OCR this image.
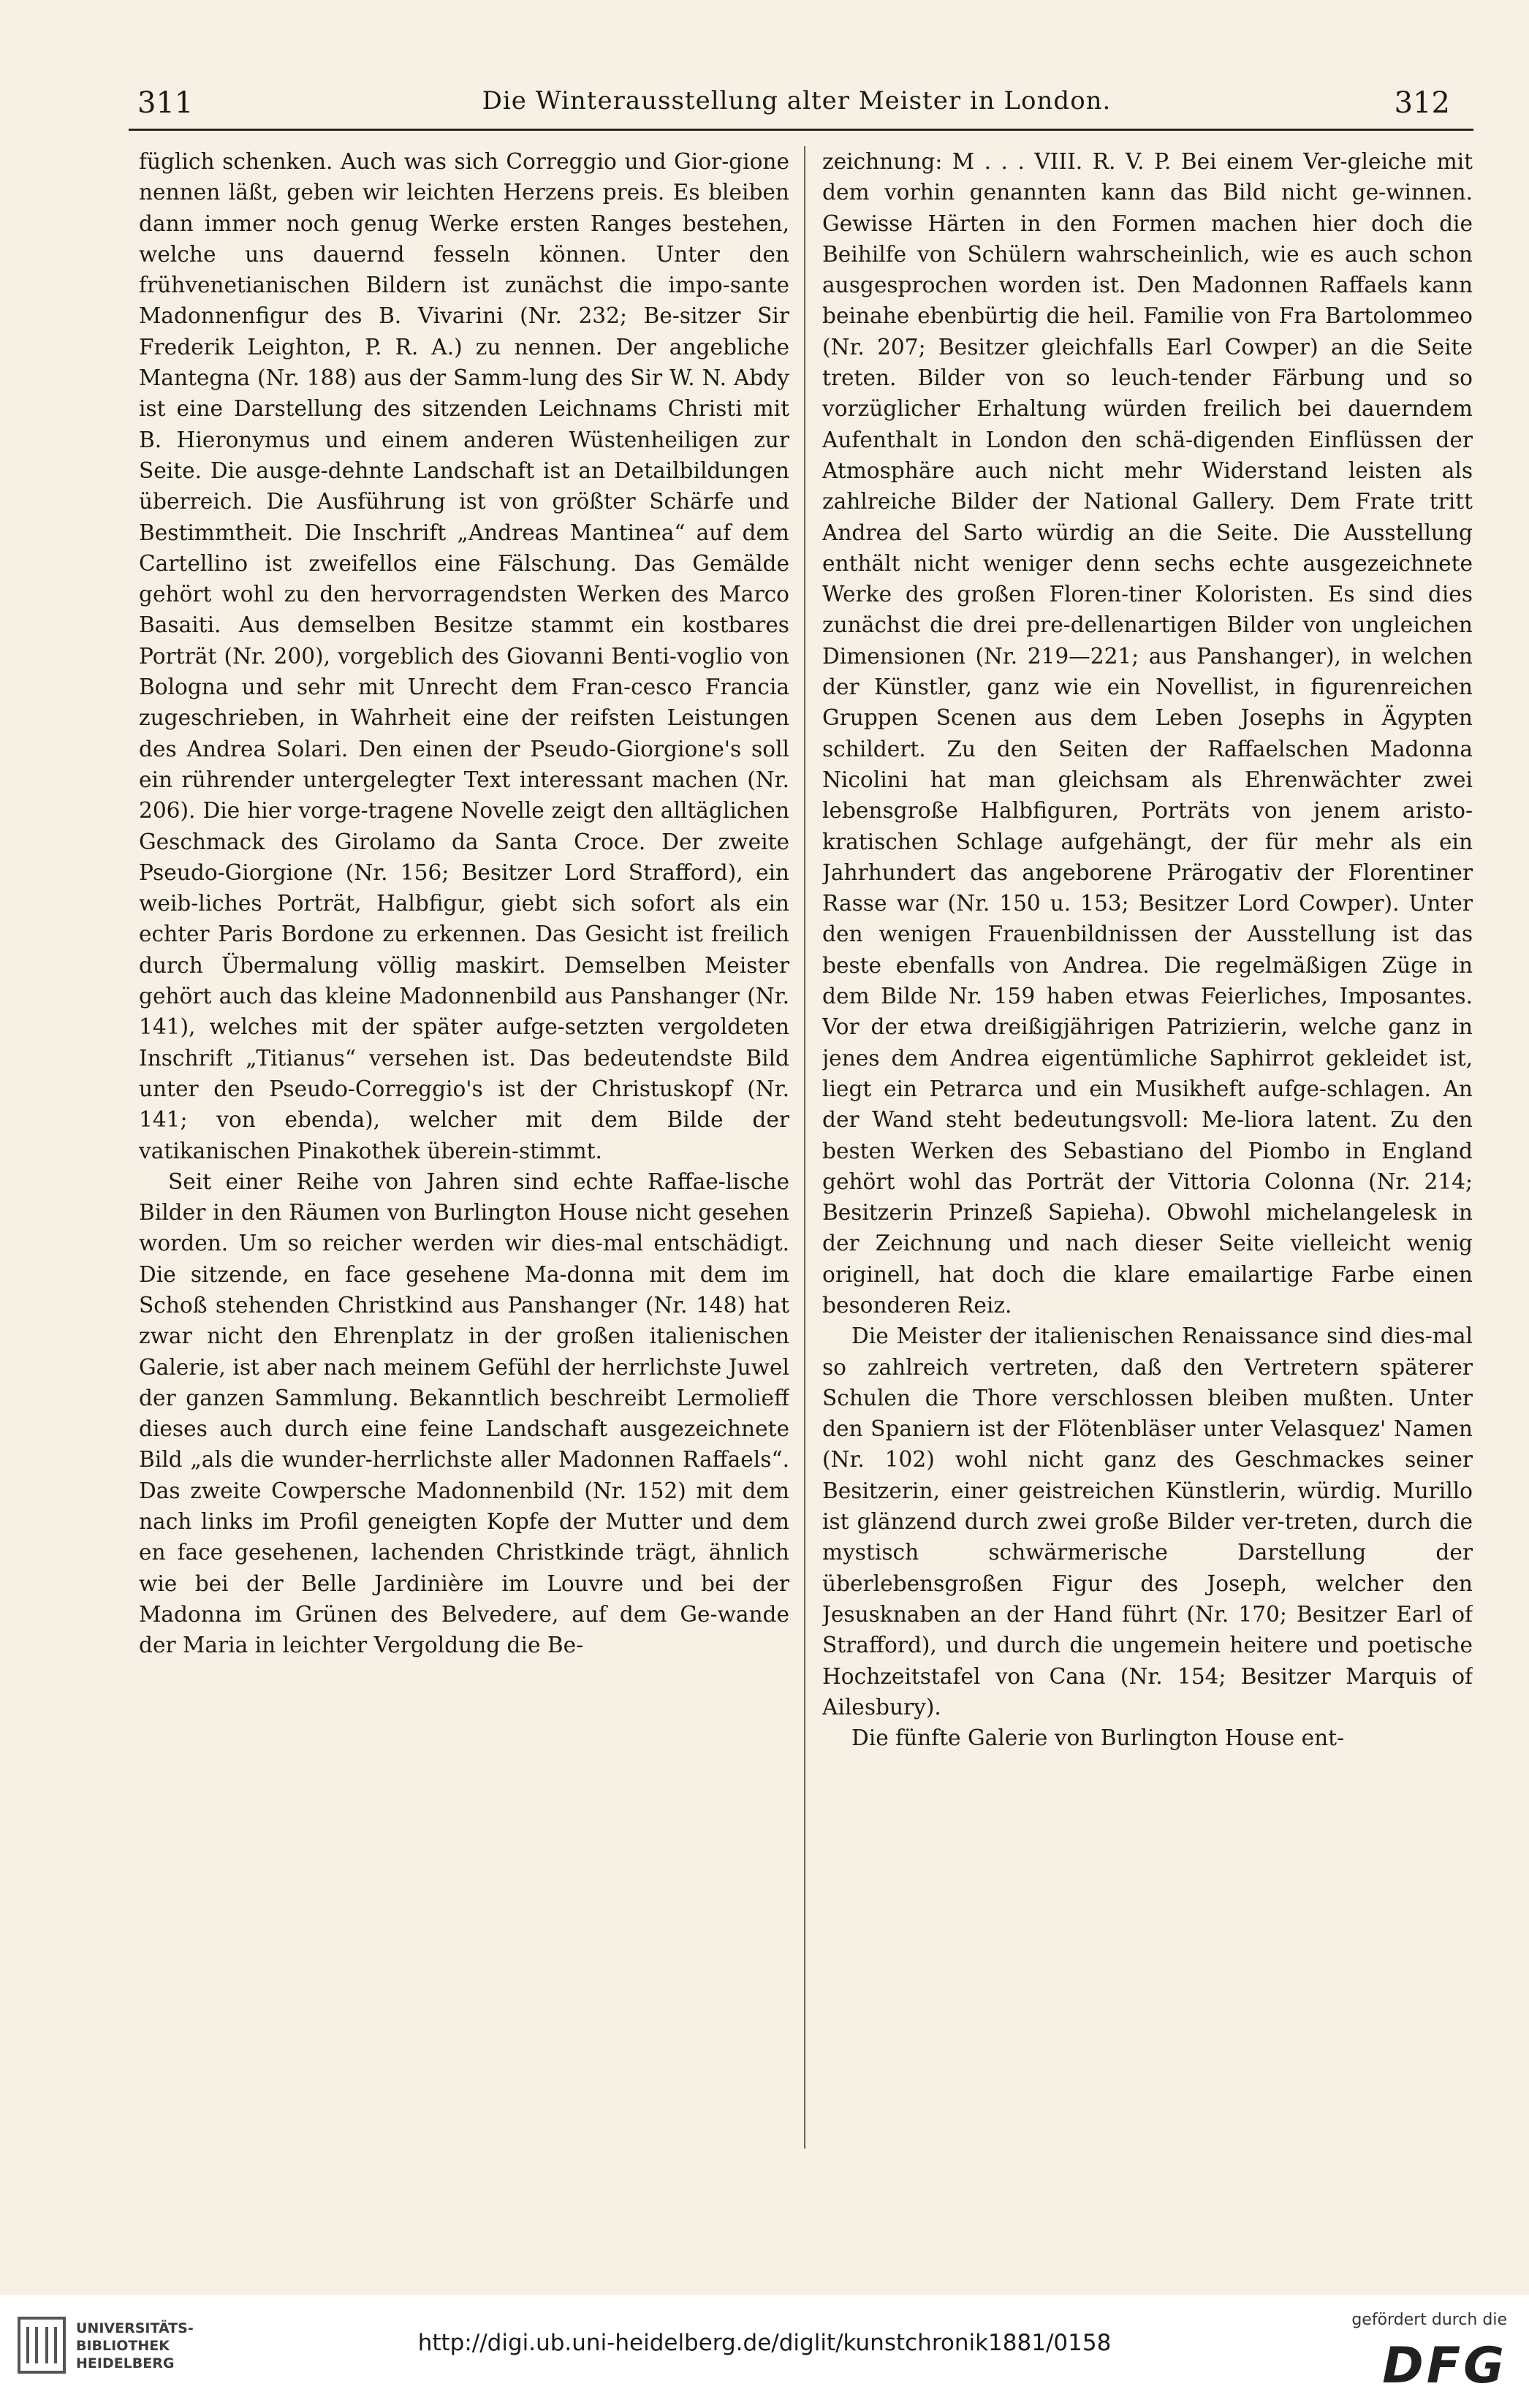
311	Die Winterausstellung alter Meister in London.	312

füglich schenken. Auch was sich Correggio und Gior-gione nennen läßt, geben wir leichten Herzens preis. Es bleiben dann immer noch genug Werke ersten Ranges bestehen, welche uns dauernd fesseln können. Unter den frühvenetianischen Bildern ist zunächst die impo-sante Madonnenfigur des B. Vivarini (Nr. 232; Be-sitzer Sir Frederik Leighton, P. R. A.) zu nennen. Der angebliche Mantegna (Nr. 188) aus der Samm-lung des Sir W. N. Abdy ist eine Darstellung des sitzenden Leichnams Christi mit B. Hieronymus und einem anderen Wüstenheiligen zur Seite. Die ausge-dehnte Landschaft ist an Detailbildungen überreich. Die Ausführung ist von größter Schärfe und Bestimmtheit. Die Inschrift „Andreas Mantinea“ auf dem Cartellino ist zweifellos eine Fälschung. Das Gemälde gehört wohl zu den hervorragendsten Werken des Marco Basaiti. Aus demselben Besitze stammt ein kostbares Porträt (Nr. 200), vorgeblich des Giovanni Benti-voglio von Bologna und sehr mit Unrecht dem Fran-cesco Francia zugeschrieben, in Wahrheit eine der reifsten Leistungen des Andrea Solari. Den einen der Pseudo-Giorgione's soll ein rührender untergelegter Text interessant machen (Nr. 206). Die hier vorge-tragene Novelle zeigt den alltäglichen Geschmack des Girolamo da Santa Croce. Der zweite Pseudo-Giorgione (Nr. 156; Besitzer Lord Strafford), ein weib-liches Porträt, Halbfigur, giebt sich sofort als ein echter Paris Bordone zu erkennen. Das Gesicht ist freilich durch Übermalung völlig maskirt. Demselben Meister gehört auch das kleine Madonnenbild aus Panshanger (Nr. 141), welches mit der später aufge-setzten vergoldeten Inschrift „Titianus“ versehen ist. Das bedeutendste Bild unter den Pseudo-Correggio's ist der Christuskopf (Nr. 141; von ebenda), welcher mit dem Bilde der vatikanischen Pinakothek überein-stimmt.

Seit einer Reihe von Jahren sind echte Raffae-lische Bilder in den Räumen von Burlington House nicht gesehen worden. Um so reicher werden wir dies-mal entschädigt. Die sitzende, en face gesehene Ma-donna mit dem im Schoß stehenden Christkind aus Panshanger (Nr. 148) hat zwar nicht den Ehrenplatz in der großen italienischen Galerie, ist aber nach meinem Gefühl der herrlichste Juwel der ganzen Sammlung. Bekanntlich beschreibt Lermolieff dieses auch durch eine feine Landschaft ausgezeichnete Bild „als die wunder-herrlichste aller Madonnen Raffaels“. Das zweite Cowpersche Madonnenbild (Nr. 152) mit dem nach links im Profil geneigten Kopfe der Mutter und dem en face gesehenen, lachenden Christkinde trägt, ähnlich wie bei der Belle Jardinière im Louvre und bei der Madonna im Grünen des Belvedere, auf dem Ge-wande der Maria in leichter Vergoldung die Be-

zeichnung: M . . . VIII. R. V. P. Bei einem Ver-gleiche mit dem vorhin genannten kann das Bild nicht ge-winnen. Gewisse Härten in den Formen machen hier doch die Beihilfe von Schülern wahrscheinlich, wie es auch schon ausgesprochen worden ist. Den Madonnen Raffaels kann beinahe ebenbürtig die heil. Familie von Fra Bartolommeo (Nr. 207; Besitzer gleichfalls Earl Cowper) an die Seite treten. Bilder von so leuch-tender Färbung und so vorzüglicher Erhaltung würden freilich bei dauerndem Aufenthalt in London den schä-digenden Einflüssen der Atmosphäre auch nicht mehr Widerstand leisten als zahlreiche Bilder der National Gallery. Dem Frate tritt Andrea del Sarto würdig an die Seite. Die Ausstellung enthält nicht weniger denn sechs echte ausgezeichnete Werke des großen Floren-tiner Koloristen. Es sind dies zunächst die drei pre-dellenartigen Bilder von ungleichen Dimensionen (Nr. 219—221; aus Panshanger), in welchen der Künstler, ganz wie ein Novellist, in figurenreichen Gruppen Scenen aus dem Leben Josephs in Ägypten schildert. Zu den Seiten der Raffaelschen Madonna Nicolini hat man gleichsam als Ehrenwächter zwei lebensgroße Halbfiguren, Porträts von jenem aristo-kratischen Schlage aufgehängt, der für mehr als ein Jahrhundert das angeborene Prärogativ der Florentiner Rasse war (Nr. 150 u. 153; Besitzer Lord Cowper). Unter den wenigen Frauenbildnissen der Ausstellung ist das beste ebenfalls von Andrea. Die regelmäßigen Züge in dem Bilde Nr. 159 haben etwas Feierliches, Imposantes. Vor der etwa dreißigjährigen Patrizierin, welche ganz in jenes dem Andrea eigentümliche Saphirrot gekleidet ist, liegt ein Petrarca und ein Musikheft aufge-schlagen. An der Wand steht bedeutungsvoll: Me-liora latent. Zu den besten Werken des Sebastiano del Piombo in England gehört wohl das Porträt der Vittoria Colonna (Nr. 214; Besitzerin Prinzeß Sapieha). Obwohl michelangelesk in der Zeichnung und nach dieser Seite vielleicht wenig originell, hat doch die klare emailartige Farbe einen besonderen Reiz.

Die Meister der italienischen Renaissance sind dies-mal so zahlreich vertreten, daß den Vertretern späterer Schulen die Thore verschlossen bleiben mußten. Unter den Spaniern ist der Flötenbläser unter Velasquez' Namen (Nr. 102) wohl nicht ganz des Geschmackes seiner Besitzerin, einer geistreichen Künstlerin, würdig. Murillo ist glänzend durch zwei große Bilder ver-treten, durch die mystisch schwärmerische Darstellung der überlebensgroßen Figur des Joseph, welcher den Jesusknaben an der Hand führt (Nr. 170; Besitzer Earl of Strafford), und durch die ungemein heitere und poetische Hochzeitstafel von Cana (Nr. 154; Besitzer Marquis of Ailesbury).

Die fünfte Galerie von Burlington House ent-

UNIVERSITÄTS-
BIBLIOTHEK
HEIDELBERG
http://digi.ub.uni-heidelberg.de/diglit/kunstchronik1881/0158
gefördert durch die
DFG
